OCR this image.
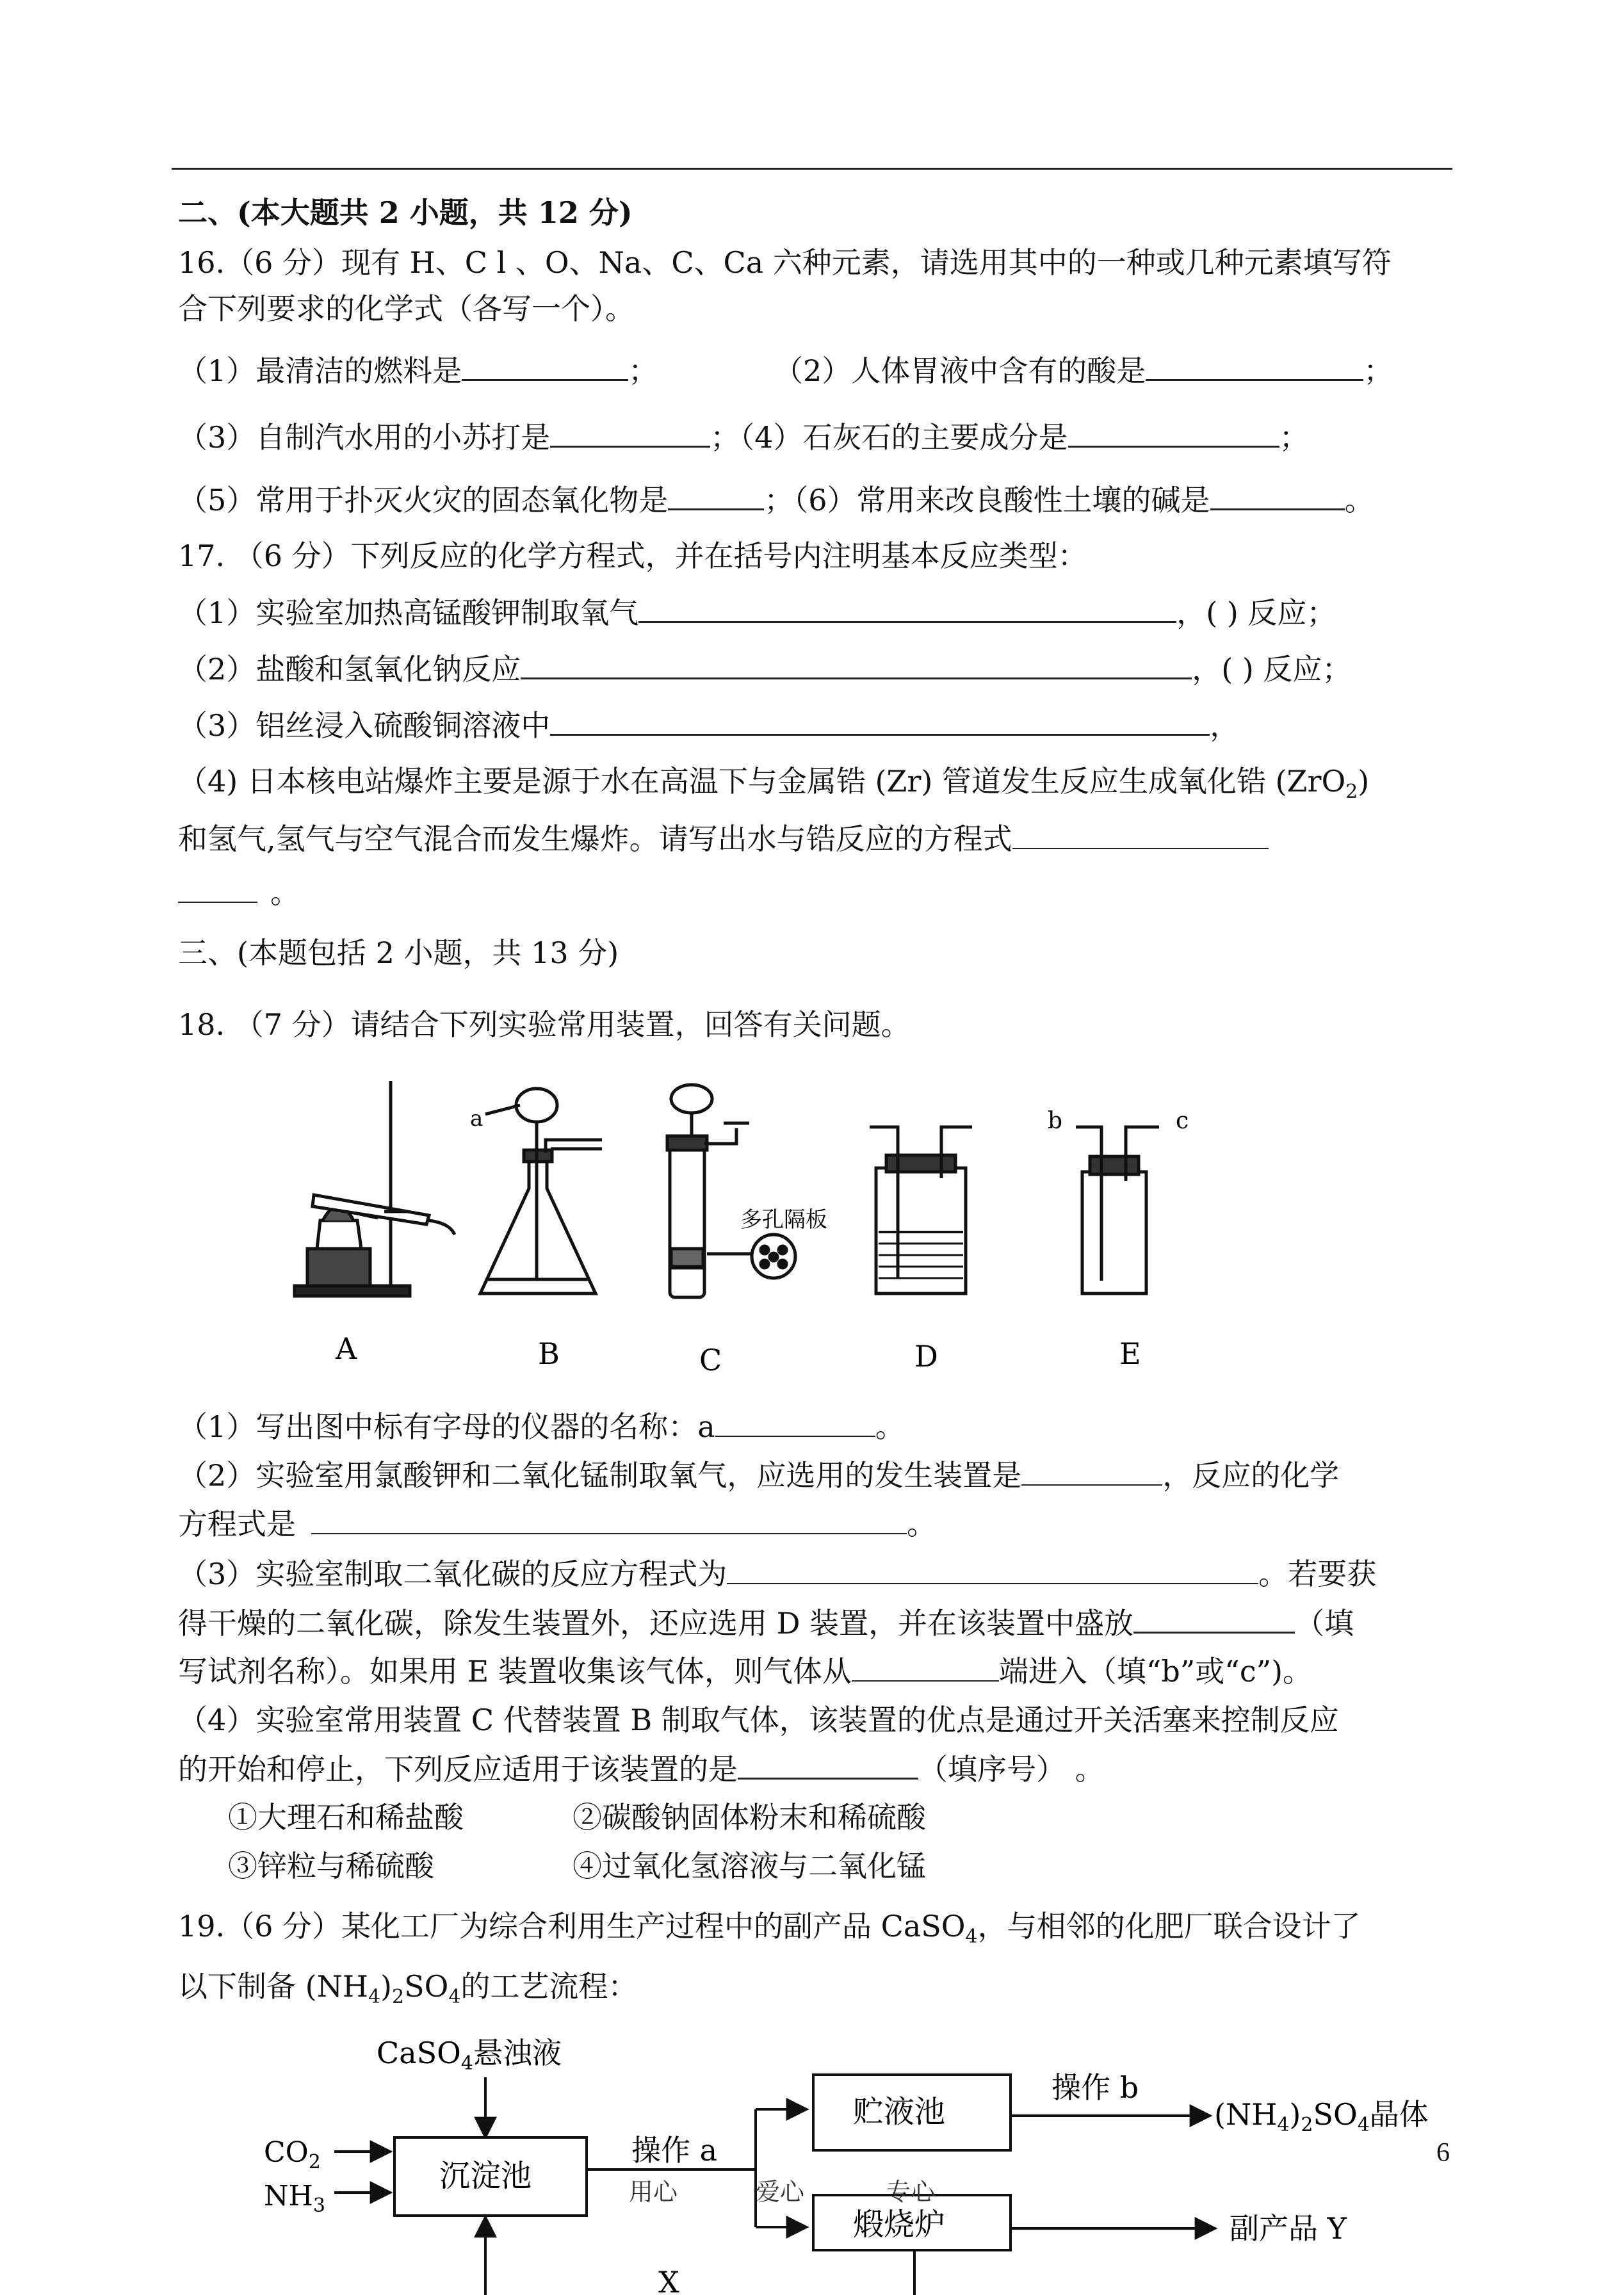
二、(本大题共 2 小题，共 12 分)
16.（6 分）现有 H、C l 、O、Na、C、Ca 六种元素，请选用其中的一种或几种元素填写符
合下列要求的化学式（各写一个）。
（1）最清洁的燃料是	；	（2）人体胃液中含有的酸是	；
（3）自制汽水用的小苏打是	；（4）石灰石的主要成分是	；
（5）常用于扑灭火灾的固态氧化物是	；（6）常用来改良酸性土壤的碱是	。
17. （6 分）下列反应的化学方程式，并在括号内注明基本反应类型：
（1）实验室加热高锰酸钾制取氧气	，( ) 反应；
（2）盐酸和氢氧化钠反应	，( ) 反应；
（3）铝丝浸入硫酸铜溶液中	，
（4) 日本核电站爆炸主要是源于水在高温下与金属锆 (Zr) 管道发生反应生成氧化锆 (ZrO$_2$)
和氢气,氢气与空气混合而发生爆炸。请写出水与锆反应的方程式
。
三、(本题包括 2 小题，共 13 分)
18. （7 分）请结合下列实验常用装置，回答有关问题。
a
多孔隔板
b	c
A	B	C	D	E
（1）写出图中标有字母的仪器的名称：a	。
（2）实验室用氯酸钾和二氧化锰制取氧气，应选用的发生装置是	，反应的化学
方程式是	。
（3）实验室制取二氧化碳的反应方程式为	。若要获
得干燥的二氧化碳，除发生装置外，还应选用 D 装置，并在该装置中盛放	（填
写试剂名称）。如果用 E 装置收集该气体，则气体从	端进入（填“b”或“c”)。
（4）实验室常用装置 C 代替装置 B 制取气体，该装置的优点是通过开关活塞来控制反应
的开始和停止，下列反应适用于该装置的是	（填序号） 。
①大理石和稀盐酸	②碳酸钠固体粉末和稀硫酸
③锌粒与稀硫酸	④过氧化氢溶液与二氧化锰
19.（6 分）某化工厂为综合利用生产过程中的副产品 CaSO$_4$，与相邻的化肥厂联合设计了
以下制备 $(NH_4)_2SO_4$的工艺流程：
CaSO$_4$悬浊液
$CO_2$
$NH_3$
沉淀池
操作 a
贮液池
操作 b
$(NH_4)_2SO_4$晶体
煅烧炉	副产品 Y
X
用心	爱心	专心
6
